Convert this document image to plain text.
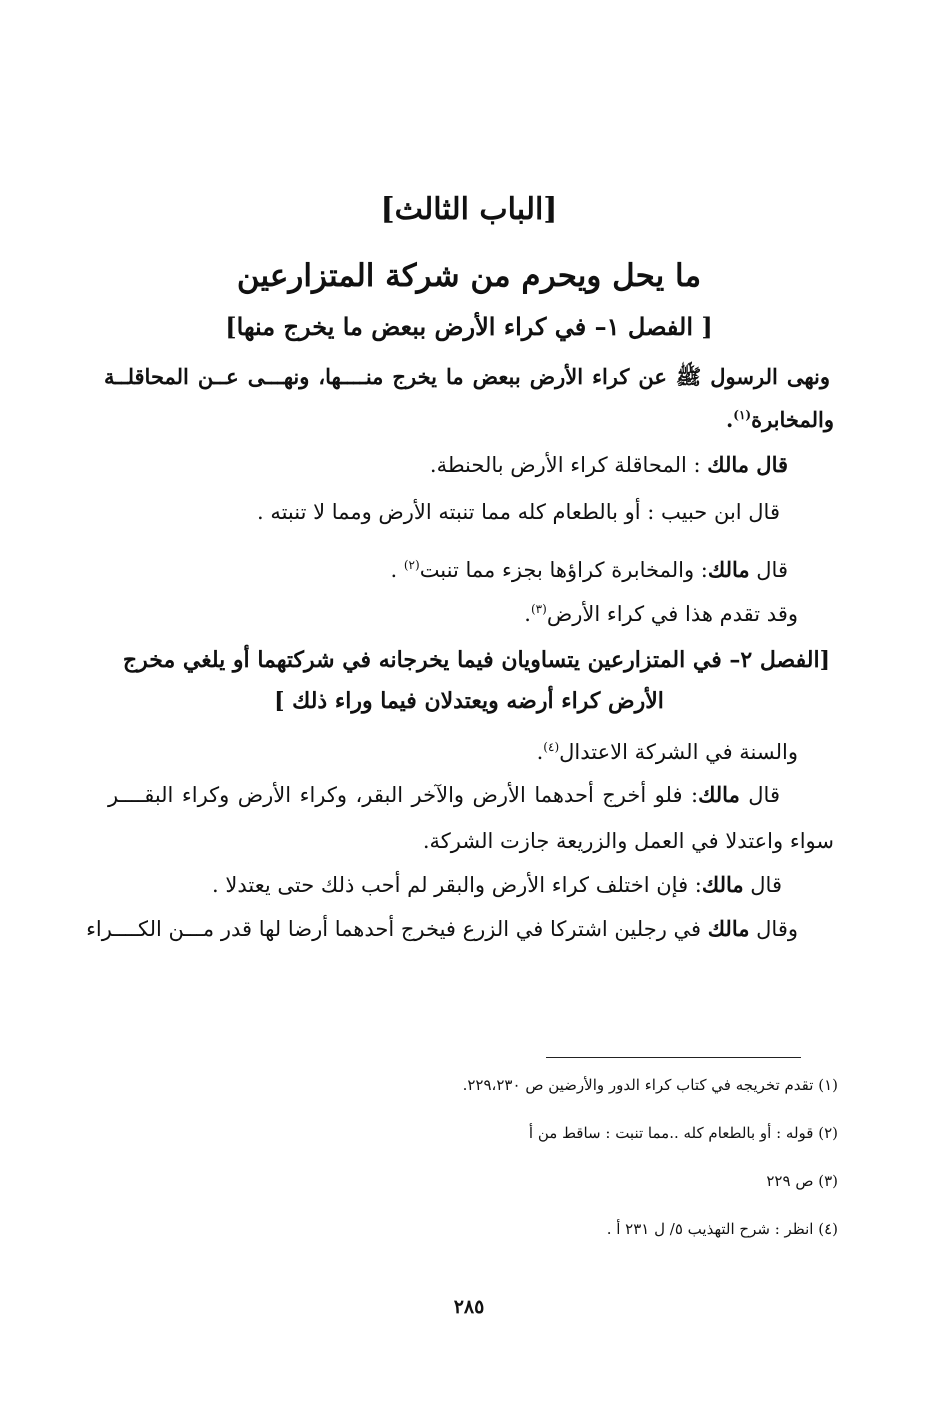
[الباب الثالث]
ما يحل ويحرم من شركة المتزارعين
[ الفصل ١– في كراء الأرض ببعض ما يخرج منها]
ونهى الرسول ﷺ عن كراء الأرض ببعض ما يخرج منــــها، ونهـــى عــن المحاقلــة
والمخابرة$^{(١)}$.
قال مالك : المحاقلة كراء الأرض بالحنطة.
قال ابن حبيب : أو بالطعام كله مما تنبته الأرض ومما لا تنبته .
قال مالك: والمخابرة كراؤها بجزء مما تنبت$^{(٢)}$ .
وقد تقدم هذا في كراء الأرض$^{(٣)}$.
[الفصل ٢– في المتزارعين يتساويان فيما يخرجانه في شركتهما أو يلغي مخرج
الأرض كراء أرضه ويعتدلان فيما وراء ذلك ]
والسنة في الشركة الاعتدال$^{(٤)}$.
قال مالك: فلو أخرج أحدهما الأرض والآخر البقر، وكراء الأرض وكراء البقــــر
سواء واعتدلا في العمل والزريعة جازت الشركة.
قال مالك: فإن اختلف كراء الأرض والبقر لم أحب ذلك حتى يعتدلا .
وقال مالك في رجلين اشتركا في الزرع فيخرج أحدهما أرضا لها قدر مـــن الكــــراء
(١) تقدم تخريجه في كتاب كراء الدور والأرضين ص ٢٢٩،٢٣٠.
(٢) قوله : أو بالطعام كله ..مما تنبت : ساقط من أ
(٣) ص ٢٢٩
(٤) انظر : شرح التهذيب ٥/ ل ٢٣١ أ .
٢٨٥
